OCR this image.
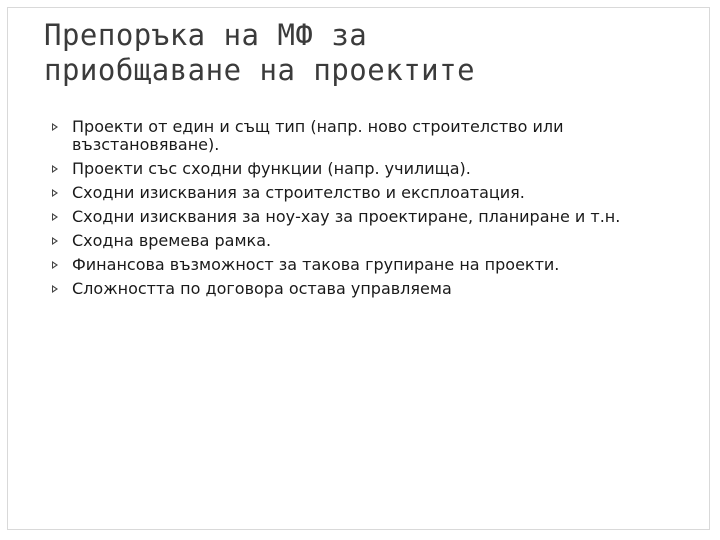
Препоръка на МФ за
приобщаване на проектите
Проекти от един и същ тип (напр. ново строителство или възстановяване).
Проекти със сходни функции (напр. училища).
Сходни изисквания за строителство и експлоатация.
Сходни изисквания за ноу-хау за проектиране, планиране и т.н.
Сходна времева рамка.
Финансова възможност за такова групиране на проекти.
Сложността по договора остава управляема
